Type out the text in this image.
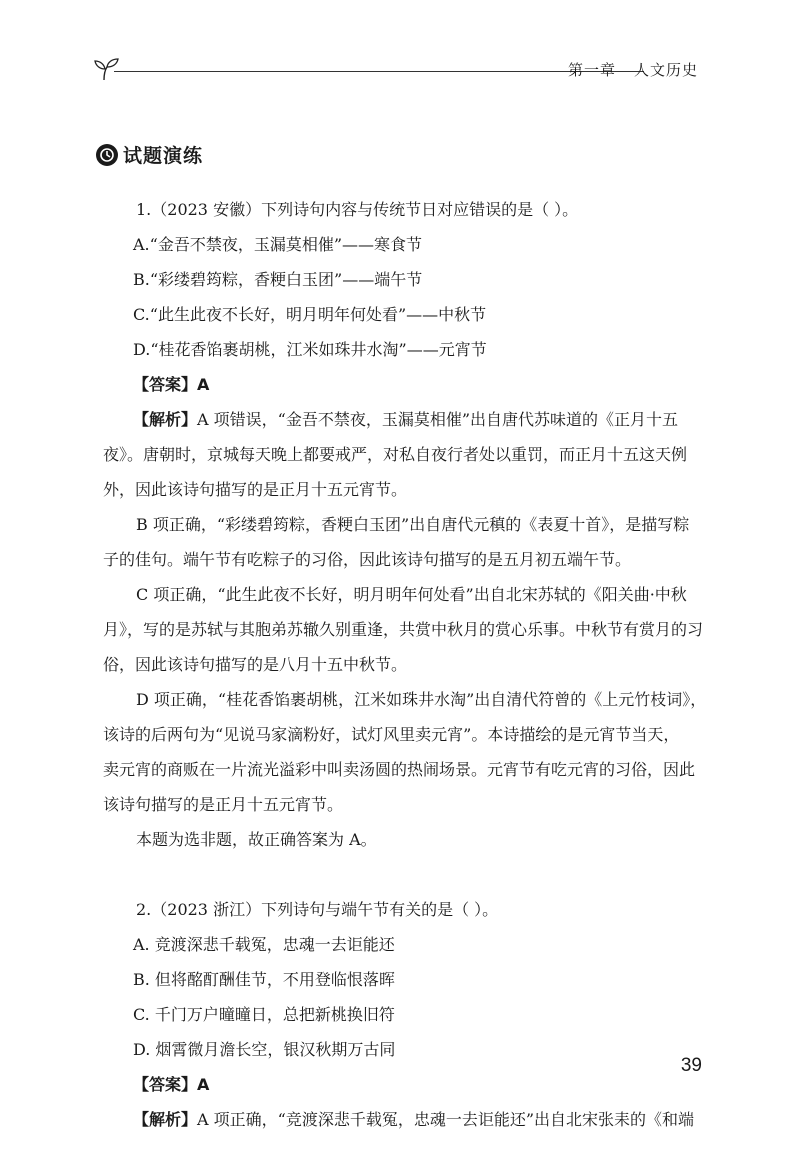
第一章 人文历史
试题演练

1.（2023 安徽）下列诗句内容与传统节日对应错误的是（ ）。

A.“金吾不禁夜，玉漏莫相催”——寒食节

B.“彩缕碧筠粽，香粳白玉团”——端午节

C.“此生此夜不长好，明月明年何处看”——中秋节

D.“桂花香馅裹胡桃，江米如珠井水淘”——元宵节

【答案】A

【解析】A 项错误，“金吾不禁夜，玉漏莫相催”出自唐代苏味道的《正月十五

夜》。唐朝时，京城每天晚上都要戒严，对私自夜行者处以重罚，而正月十五这天例

外，因此该诗句描写的是正月十五元宵节。

B 项正确，“彩缕碧筠粽，香粳白玉团”出自唐代元稹的《表夏十首》，是描写粽

子的佳句。端午节有吃粽子的习俗，因此该诗句描写的是五月初五端午节。

C 项正确，“此生此夜不长好，明月明年何处看”出自北宋苏轼的《阳关曲·中秋

月》，写的是苏轼与其胞弟苏辙久别重逢，共赏中秋月的赏心乐事。中秋节有赏月的习

俗，因此该诗句描写的是八月十五中秋节。

D 项正确，“桂花香馅裹胡桃，江米如珠井水淘”出自清代符曾的《上元竹枝词》，

该诗的后两句为“见说马家滴粉好，试灯风里卖元宵”。本诗描绘的是元宵节当天，

卖元宵的商贩在一片流光溢彩中叫卖汤圆的热闹场景。元宵节有吃元宵的习俗，因此

该诗句描写的是正月十五元宵节。

本题为选非题，故正确答案为 A。

2.（2023 浙江）下列诗句与端午节有关的是（ ）。

A. 竞渡深悲千载冤，忠魂一去讵能还

B. 但将酩酊酬佳节，不用登临恨落晖

C. 千门万户曈曈日，总把新桃换旧符

D. 烟霄微月澹长空，银汉秋期万古同

【答案】A

【解析】A 项正确，“竞渡深悲千载冤，忠魂一去讵能还”出自北宋张耒的《和端

39
